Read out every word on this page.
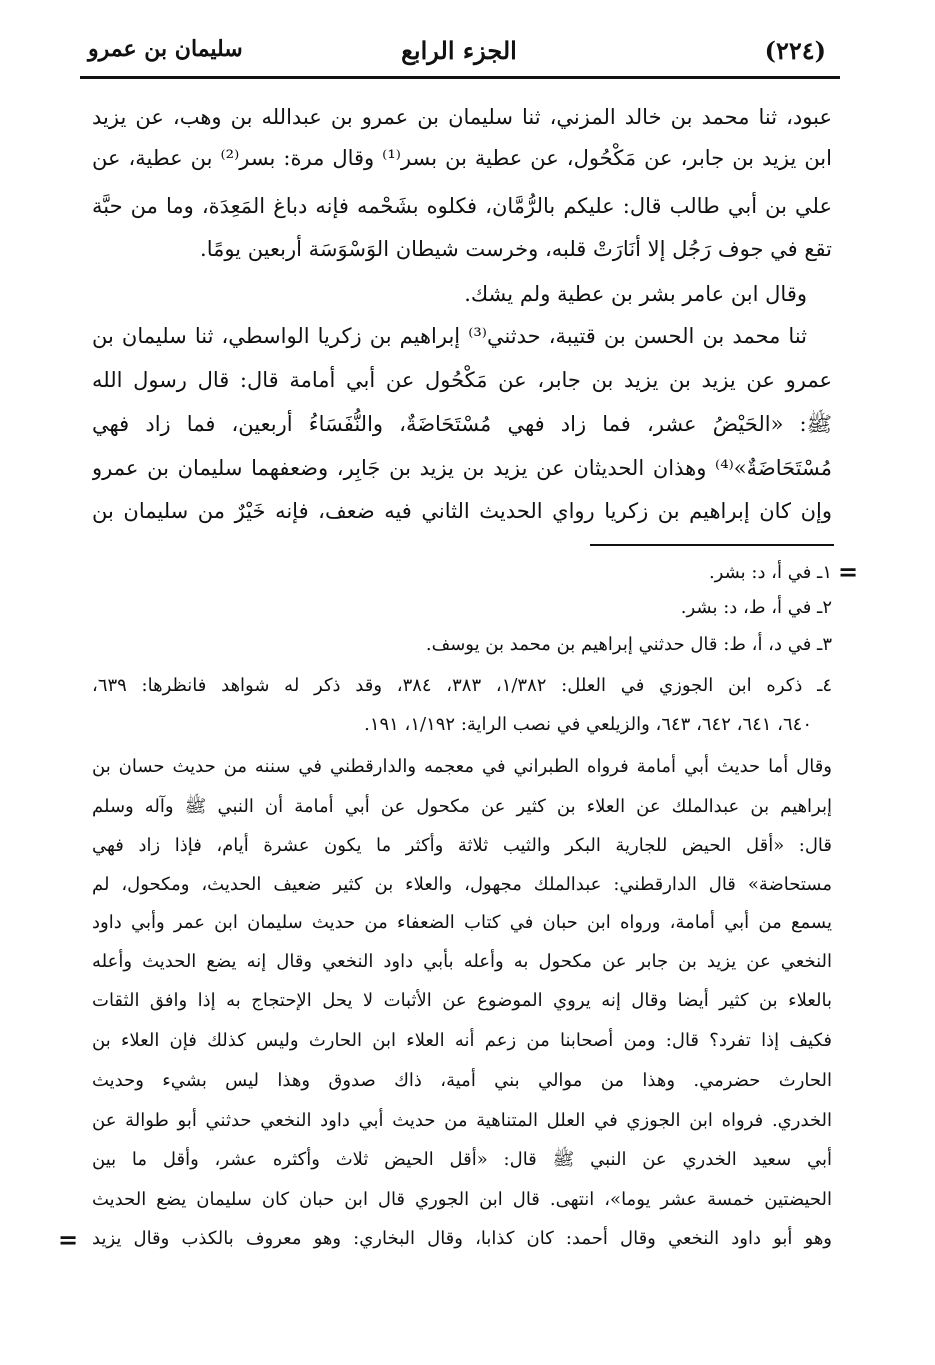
(٢٢٤)
الجزء الرابع
سليمان بن عمرو
عبود، ثنا محمد بن خالد المزني، ثنا سليمان بن عمرو بن عبدالله بن وهب، عن يزيد
ابن يزيد بن جابر، عن مَكْحُول، عن عطية بن بسر⁽¹⁾ وقال مرة: بسر⁽²⁾ بن عطية، عن
علي بن أبي طالب قال: عليكم بالرُّمَّان، فكلوه بشَحْمه فإنه دباغ المَعِدَة، وما من حبَّة
تقع في جوف رَجُل إلا أنَارَتْ قلبه، وخرست شيطان الوَسْوَسَة أربعين يومًا.
وقال ابن عامر بشر بن عطية ولم يشك.
ثنا محمد بن الحسن بن قتيبة، حدثني⁽³⁾ إبراهيم بن زكريا الواسطي، ثنا سليمان بن
عمرو عن يزيد بن يزيد بن جابر، عن مَكْحُول عن أبي أمامة قال: قال رسول الله
ﷺ: «الحَيْضُ عشر، فما زاد فهي مُسْتَحَاضَةٌ، والنُّفَسَاءُ أربعين، فما زاد فهي
مُسْتَحَاضَةٌ»⁽⁴⁾ وهذان الحديثان عن يزيد بن يزيد بن جَابِر، وضعفهما سليمان بن عمرو
وإن كان إبراهيم بن زكريا رواي الحديث الثاني فيه ضعف، فإنه خَيْرٌ من سليمان بن
١ـ في أ، د: بشر.
٢ـ في أ، ط، د: بشر.
٣ـ في د، أ، ط: قال حدثني إبراهيم بن محمد بن يوسف.
٤ـ ذكره ابن الجوزي في العلل: ١/٣٨٢، ٣٨٣، ٣٨٤، وقد ذكر له شواهد فانظرها: ٦٣٩،
٦٤٠، ٦٤١، ٦٤٢، ٦٤٣، والزيلعي في نصب الراية: ١/١٩٢، ١٩١.
وقال أما حديث أبي أمامة فرواه الطبراني في معجمه والدارقطني في سننه من حديث حسان بن
إبراهيم بن عبدالملك عن العلاء بن كثير عن مكحول عن أبي أمامة أن النبي ﷺ وآله وسلم
قال: «أقل الحيض للجارية البكر والثيب ثلاثة وأكثر ما يكون عشرة أيام، فإذا زاد فهي
مستحاضة» قال الدارقطني: عبدالملك مجهول، والعلاء بن كثير ضعيف الحديث، ومكحول، لم
يسمع من أبي أمامة، ورواه ابن حبان في كتاب الضعفاء من حديث سليمان ابن عمر وأبي داود
النخعي عن يزيد بن جابر عن مكحول به وأعله بأبي داود النخعي وقال إنه يضع الحديث وأعله
بالعلاء بن كثير أيضا وقال إنه يروي الموضوع عن الأثبات لا يحل الإحتجاج به إذا وافق الثقات
فكيف إذا تفرد؟ قال: ومن أصحابنا من زعم أنه العلاء ابن الحارث وليس كذلك فإن العلاء بن
الحارث حضرمي. وهذا من موالي بني أمية، ذاك صدوق وهذا ليس بشيء وحديث
الخدري. فرواه ابن الجوزي في العلل المتناهية من حديث أبي داود النخعي حدثني أبو طوالة عن
أبي سعيد الخدري عن النبي ﷺ قال: «أقل الحيض ثلاث وأكثره عشر، وأقل ما بين
الحيضتين خمسة عشر يوما»، انتهى. قال ابن الجوري قال ابن حبان كان سليمان يضع الحديث
وهو أبو داود النخعي وقال أحمد: كان كذابا، وقال البخاري: وهو معروف بالكذب وقال يزيد
=
=
